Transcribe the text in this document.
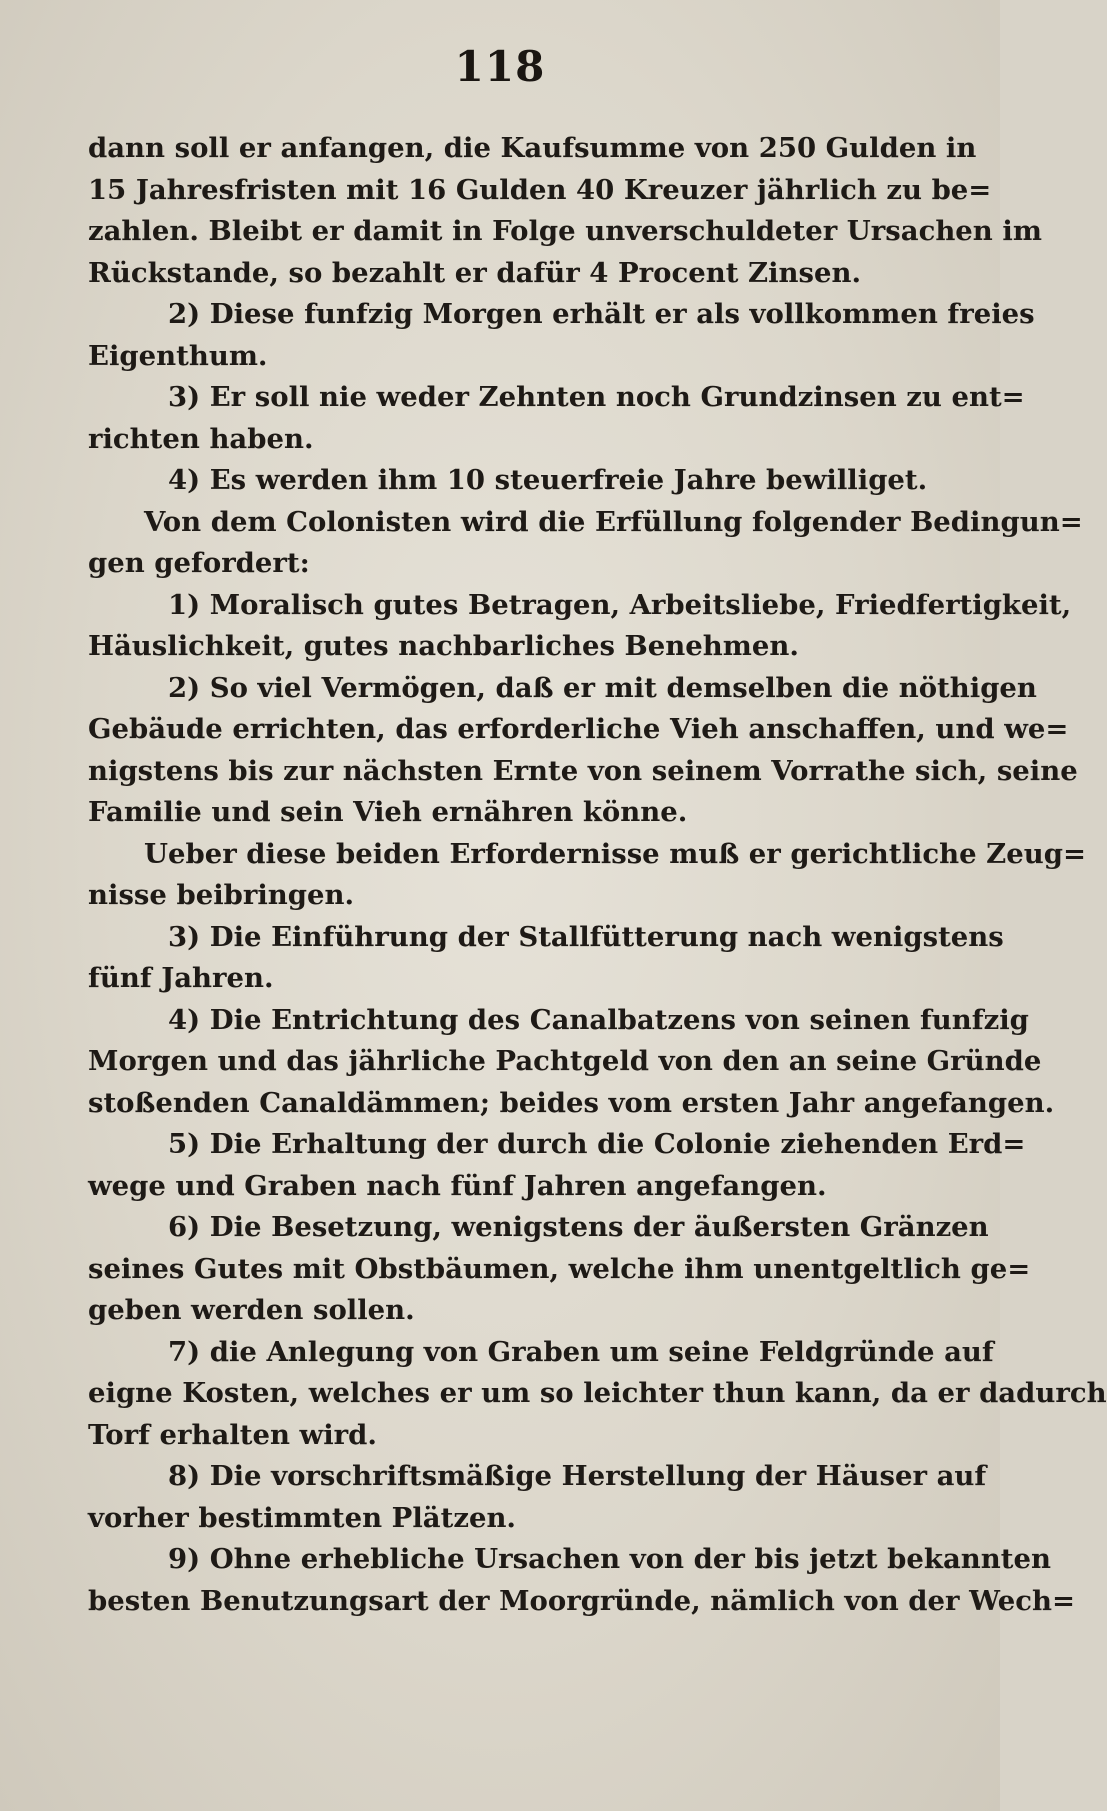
118
dann soll er anfangen, die Kaufsumme von 250 Gulden in
15 Jahresfristen mit 16 Gulden 40 Kreuzer jährlich zu be=
zahlen. Bleibt er damit in Folge unverschuldeter Ursachen im
Rückstande, so bezahlt er dafür 4 Procent Zinsen.
2) Diese funfzig Morgen erhält er als vollkommen freies
Eigenthum.
3) Er soll nie weder Zehnten noch Grundzinsen zu ent=
richten haben.
4) Es werden ihm 10 steuerfreie Jahre bewilliget.
Von dem Colonisten wird die Erfüllung folgender Bedingun=
gen gefordert:
1) Moralisch gutes Betragen, Arbeitsliebe, Friedfertigkeit,
Häuslichkeit, gutes nachbarliches Benehmen.
2) So viel Vermögen, daß er mit demselben die nöthigen
Gebäude errichten, das erforderliche Vieh anschaffen, und we=
nigstens bis zur nächsten Ernte von seinem Vorrathe sich, seine
Familie und sein Vieh ernähren könne.
Ueber diese beiden Erfordernisse muß er gerichtliche Zeug=
nisse beibringen.
3) Die Einführung der Stallfütterung nach wenigstens
fünf Jahren.
4) Die Entrichtung des Canalbatzens von seinen funfzig
Morgen und das jährliche Pachtgeld von den an seine Gründe
stoßenden Canaldämmen; beides vom ersten Jahr angefangen.
5) Die Erhaltung der durch die Colonie ziehenden Erd=
wege und Graben nach fünf Jahren angefangen.
6) Die Besetzung, wenigstens der äußersten Gränzen
seines Gutes mit Obstbäumen, welche ihm unentgeltlich ge=
geben werden sollen.
7) die Anlegung von Graben um seine Feldgründe auf
eigne Kosten, welches er um so leichter thun kann, da er dadurch
Torf erhalten wird.
8) Die vorschriftsmäßige Herstellung der Häuser auf
vorher bestimmten Plätzen.
9) Ohne erhebliche Ursachen von der bis jetzt bekannten
besten Benutzungsart der Moorgründe, nämlich von der Wech=
